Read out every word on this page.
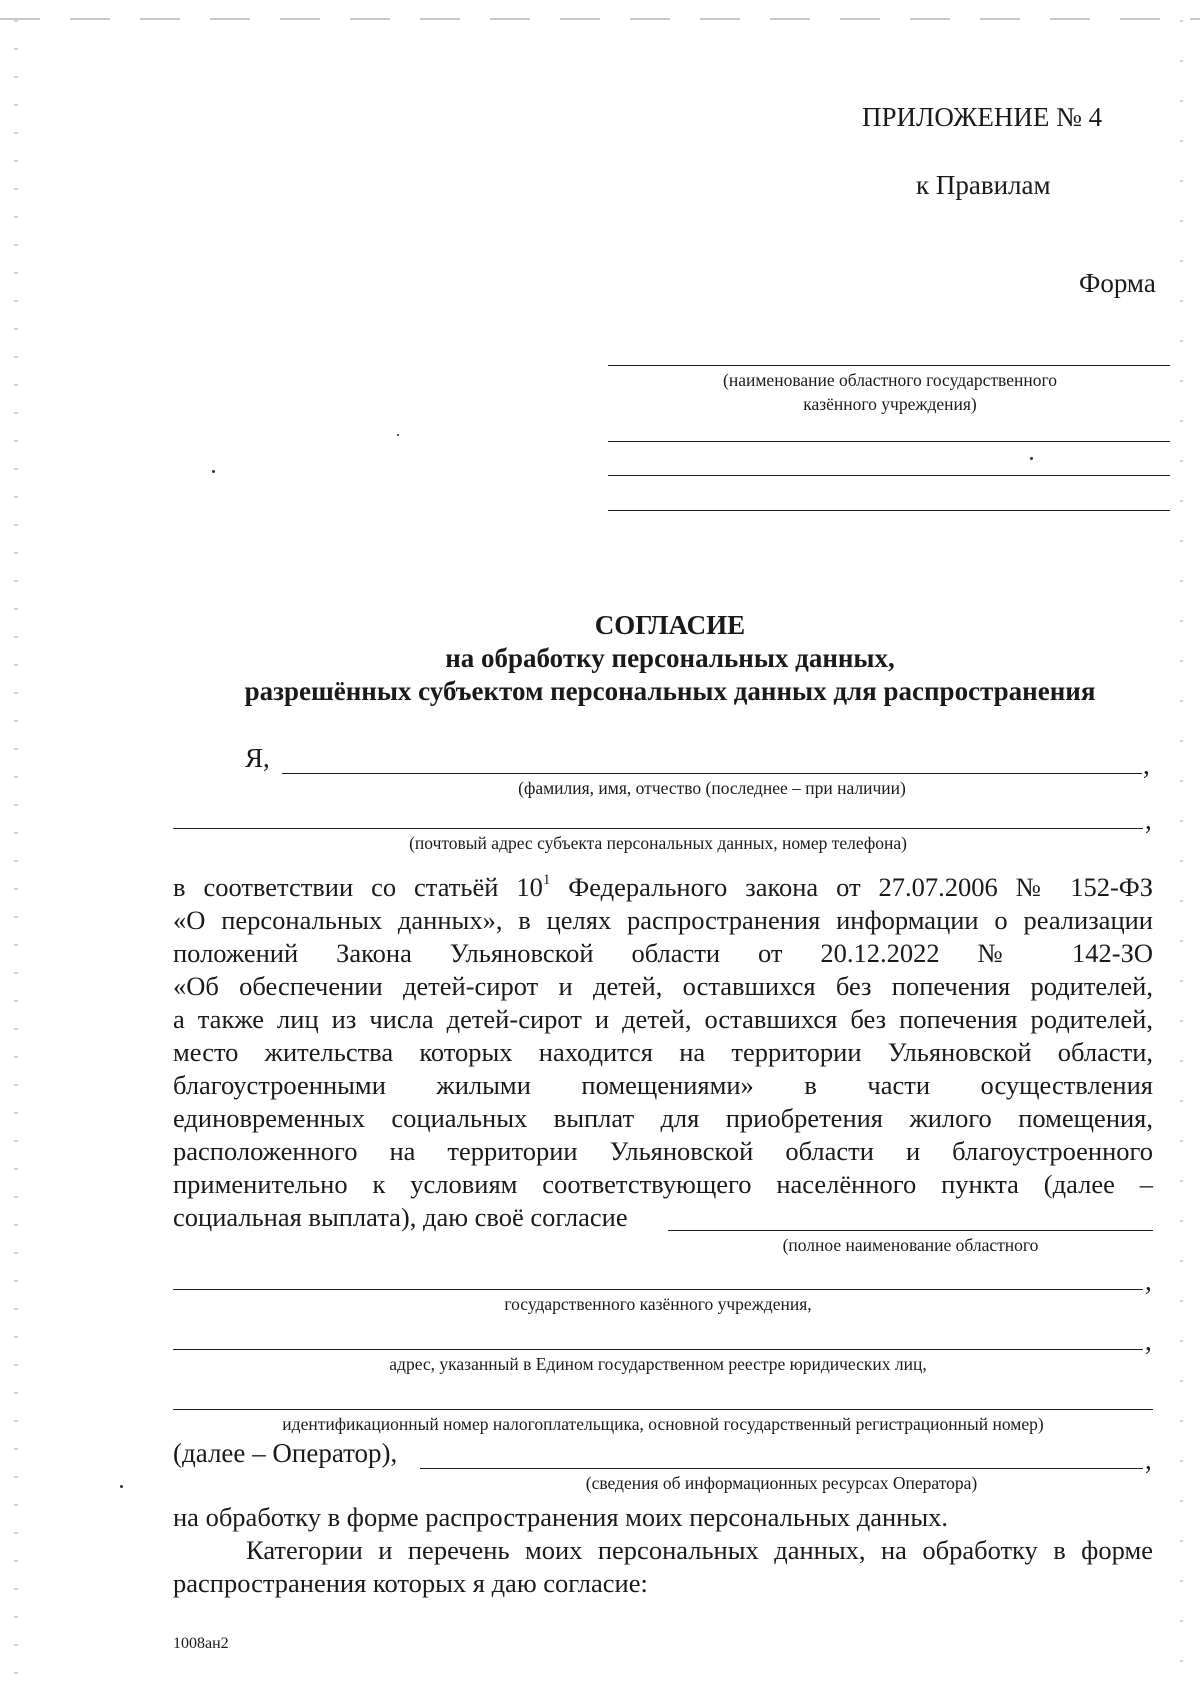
ПРИЛОЖЕНИЕ № 4
к Правилам
Форма
(наименование областного государственного
казённого учреждения)
СОГЛАСИЕ
на обработку персональных данных,
разрешённых субъектом персональных данных для распространения
Я,	,
(фамилия, имя, отчество (последнее – при наличии)
,
(почтовый адрес субъекта персональных данных, номер телефона)
в соответствии со статьёй $10^1$ Федерального закона от 27.07.2006 № 152-ФЗ
«О персональных данных», в целях распространения информации о реализации
положений Закона Ульяновской области от 20.12.2022 № 142-ЗО
«Об обеспечении детей-сирот и детей, оставшихся без попечения родителей,
а также лиц из числа детей-сирот и детей, оставшихся без попечения родителей,
место жительства которых находится на территории Ульяновской области,
благоустроенными жилыми помещениями» в части осуществления
единовременных социальных выплат для приобретения жилого помещения,
расположенного на территории Ульяновской области и благоустроенного
применительно к условиям соответствующего населённого пункта (далее –
социальная выплата), даю своё согласие
(полное наименование областного
,
государственного казённого учреждения,
,
адрес, указанный в Едином государственном реестре юридических лиц,
идентификационный номер налогоплательщика, основной государственный регистрационный номер)
(далее – Оператор),	,
(сведения об информационных ресурсах Оператора)
на обработку в форме распространения моих персональных данных.
Категории и перечень моих персональных данных, на обработку в форме
распространения которых я даю согласие:
1008ан2
